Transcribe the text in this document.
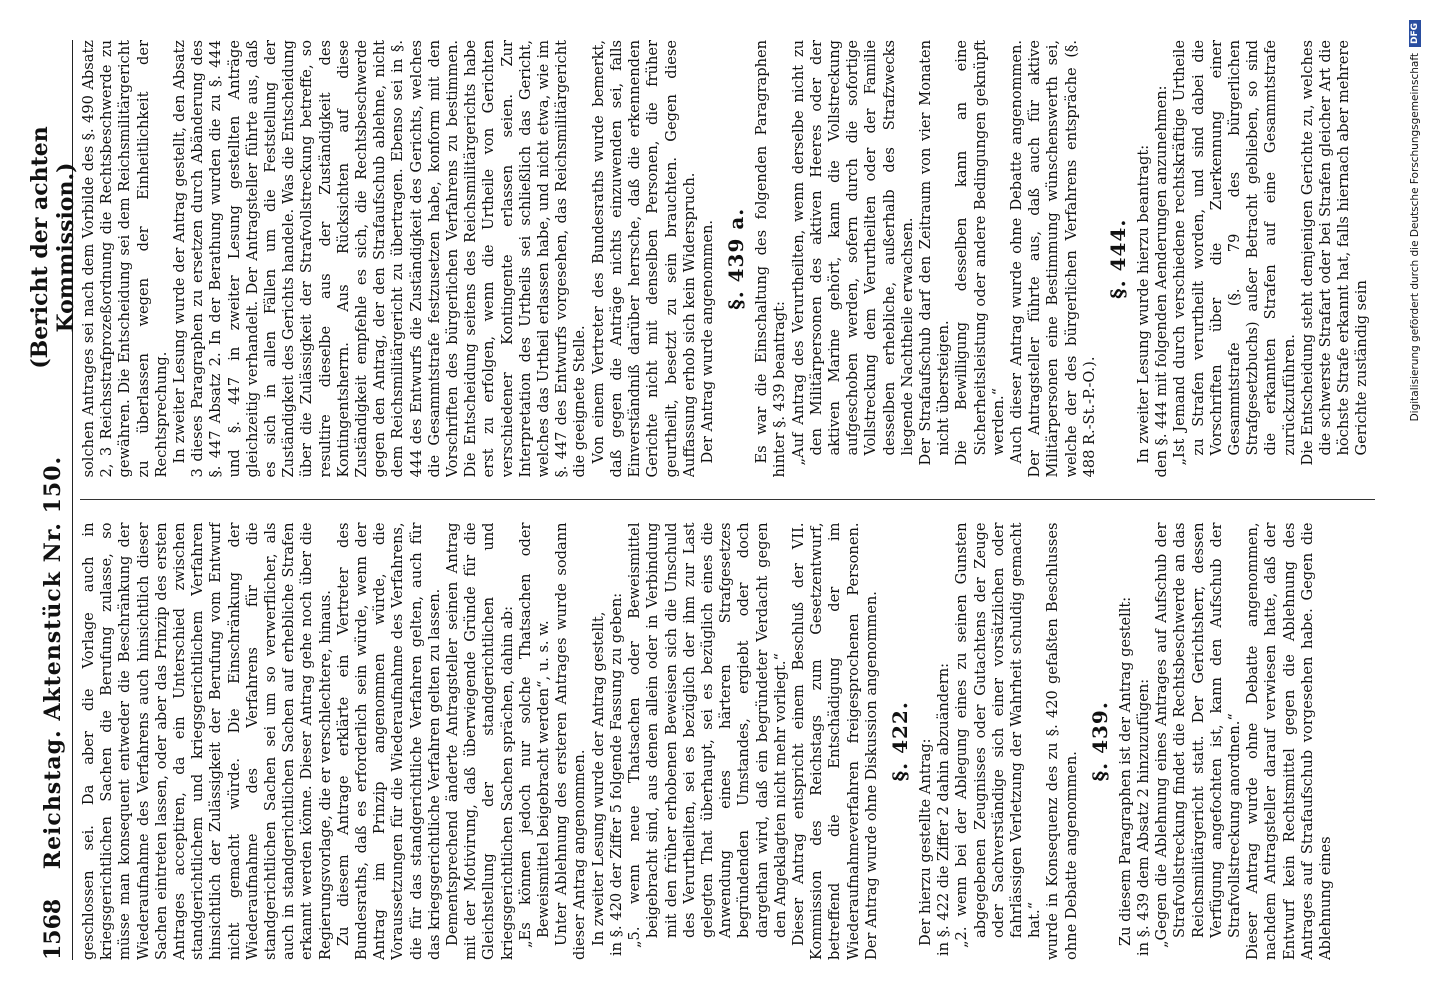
1568
Reichstag. Aktenstück Nr. 150.
(Bericht der achten Kommission.)

geschlossen sei. Da aber die Vorlage auch in kriegsgerichtlichen Sachen die Berufung zulasse, so müsse man konsequent entweder die Beschränkung der Wiederaufnahme des Verfahrens auch hinsichtlich dieser Sachen eintreten lassen, oder aber das Prinzip des ersten Antrages acceptiren, da ein Unterschied zwischen standgerichtlichem und kriegsgerichtlichem Verfahren hinsichtlich der Zulässigkeit der Berufung vom Entwurf nicht gemacht würde. Die Einschränkung der Wiederaufnahme des Verfahrens für die standgerichtlichen Sachen sei um so verwerflicher, als auch in standgerichtlichen Sachen auf erhebliche Strafen erkannt werden könne. Dieser Antrag gehe noch über die Regierungsvorlage, die er verschlechtere, hinaus. Zu diesem Antrage erklärte ein Vertreter des Bundesraths, daß es erforderlich sein würde, wenn der Antrag im Prinzip angenommen würde, die Voraussetzungen für die Wiederaufnahme des Verfahrens, die für das standgerichtliche Verfahren gelten, auch für das kriegsgerichtliche Verfahren gelten zu lassen. Dementsprechend änderte Antragsteller seinen Antrag mit der Motivirung, daß überwiegende Gründe für die Gleichstellung der standgerichtlichen und kriegsgerichtlichen Sachen sprächen, dahin ab: „Es können jedoch nur solche Thatsachen oder Beweismittel beigebracht werden“, u. s. w. Unter Ablehnung des ersteren Antrages wurde sodann dieser Antrag angenommen. In zweiter Lesung wurde der Antrag gestellt, in §. 420 der Ziffer 5 folgende Fassung zu geben: „5. wenn neue Thatsachen oder Beweismittel beigebracht sind, aus denen allein oder in Verbindung mit den früher erhobenen Beweisen sich die Unschuld des Verurtheilten, sei es bezüglich der ihm zur Last gelegten That überhaupt, sei es bezüglich eines die Anwendung eines härteren Strafgesetzes begründenden Umstandes, ergiebt oder doch dargethan wird, daß ein begründeter Verdacht gegen den Angeklagten nicht mehr vorliegt.“ Dieser Antrag entspricht einem Beschluß der VII. Kommission des Reichstags zum Gesetzentwurf, betreffend die Entschädigung der im Wiederaufnahmeverfahren freigesprochenen Personen. Der Antrag wurde ohne Diskussion angenommen. §. 422. Der hierzu gestellte Antrag: in §. 422 die Ziffer 2 dahin abzuändern: „2. wenn bei der Ablegung eines zu seinen Gunsten abgegebenen Zeugnisses oder Gutachtens der Zeuge oder Sachverständige sich einer vorsätzlichen oder fahrlässigen Verletzung der Wahrheit schuldig gemacht hat.“ wurde in Konsequenz des zu §. 420 gefaßten Beschlusses ohne Debatte angenommen.

§. 439. Zu diesem Paragraphen ist der Antrag gestellt: in §. 439 dem Absatz 2 hinzuzufügen: „Gegen die Ablehnung eines Antrages auf Aufschub der Strafvollstreckung findet die Rechtsbeschwerde an das Reichsmilitärgericht statt. Der Gerichtsherr, dessen Verfügung angefochten ist, kann den Aufschub der Strafvollstreckung anordnen.“ Dieser Antrag wurde ohne Debatte angenommen, nachdem Antragsteller darauf verwiesen hatte, daß der Entwurf kein Rechtsmittel gegen die Ablehnung des Antrages auf Strafaufschub vorgesehen habe. Gegen die Ablehnung eines

solchen Antrages sei nach dem Vorbilde des §. 490 Absatz 2, 3 Reichsstrafprozeßordnung die Rechtsbeschwerde zu gewähren. Die Entscheidung sei dem Reichsmilitärgericht zu überlassen wegen der Einheitlichkeit der Rechtsprechung. In zweiter Lesung wurde der Antrag gestellt, den Absatz 3 dieses Paragraphen zu ersetzen durch Abänderung des §. 447 Absatz 2. In der Berathung wurden die zu §. 444 und §. 447 in zweiter Lesung gestellten Anträge gleichzeitig verhandelt. Der Antragsteller führte aus, daß es sich in allen Fällen um die Feststellung der Zuständigkeit des Gerichts handele. Was die Entscheidung über die Zulässigkeit der Strafvollstreckung betreffe, so resultire dieselbe aus der Zuständigkeit des Kontingentsherrn. Aus Rücksichten auf diese Zuständigkeit empfehle es sich, die Rechtsbeschwerde gegen den Antrag, der den Strafaufschub ablehne, nicht dem Reichsmilitärgericht zu übertragen. Ebenso sei in §. 444 des Entwurfs die Zuständigkeit des Gerichts, welches die Gesammtstrafe festzusetzen habe, konform mit den Vorschriften des bürgerlichen Verfahrens zu bestimmen. Die Entscheidung seitens des Reichsmilitärgerichts habe erst zu erfolgen, wenn die Urtheile von Gerichten verschiedener Kontingente erlassen seien. Zur Interpretation des Urtheils sei schließlich das Gericht, welches das Urtheil erlassen habe, und nicht etwa, wie im §. 447 des Entwurfs vorgesehen, das Reichsmilitärgericht die geeignete Stelle. Von einem Vertreter des Bundesraths wurde bemerkt, daß gegen die Anträge nichts einzuwenden sei, falls Einverständniß darüber herrsche, daß die erkennenden Gerichte nicht mit denselben Personen, die früher geurtheilt, besetzt zu sein brauchten. Gegen diese Auffassung erhob sich kein Widerspruch. Der Antrag wurde angenommen. §. 439 a. Es war die Einschaltung des folgenden Paragraphen hinter §. 439 beantragt: „Auf Antrag des Verurtheilten, wenn derselbe nicht zu den Militärpersonen des aktiven Heeres oder der aktiven Marine gehört, kann die Vollstreckung aufgeschoben werden, sofern durch die sofortige Vollstreckung dem Verurtheilten oder der Familie desselben erhebliche, außerhalb des Strafzwecks liegende Nachtheile erwachsen. Der Strafaufschub darf den Zeitraum von vier Monaten nicht übersteigen. Die Bewilligung desselben kann an eine Sicherheitsleistung oder andere Bedingungen geknüpft werden.“ Auch dieser Antrag wurde ohne Debatte angenommen. Der Antragsteller führte aus, daß auch für aktive Militärpersonen eine Bestimmung wünschenswerth sei, welche der des bürgerlichen Verfahrens entspräche (§. 488 R.-St.-P.-O.).

§. 444. In zweiter Lesung wurde hierzu beantragt: den §. 444 mit folgenden Aenderungen anzunehmen: „Ist Jemand durch verschiedene rechtskräftige Urtheile zu Strafen verurtheilt worden, und sind dabei die Vorschriften über die Zuerkennung einer Gesammtstrafe (§. 79 des bürgerlichen Strafgesetzbuchs) außer Betracht geblieben, so sind die erkannten Strafen auf eine Gesammtstrafe zurückzuführen. Die Entscheidung steht demjenigen Gerichte zu, welches die schwerste Strafart oder bei Strafen gleicher Art die höchste Strafe erkannt hat, falls hiernach aber mehrere Gerichte zuständig sein	Digitalisierung gefördert durch die Deutsche Forschungsgemeinschaft
DFG
